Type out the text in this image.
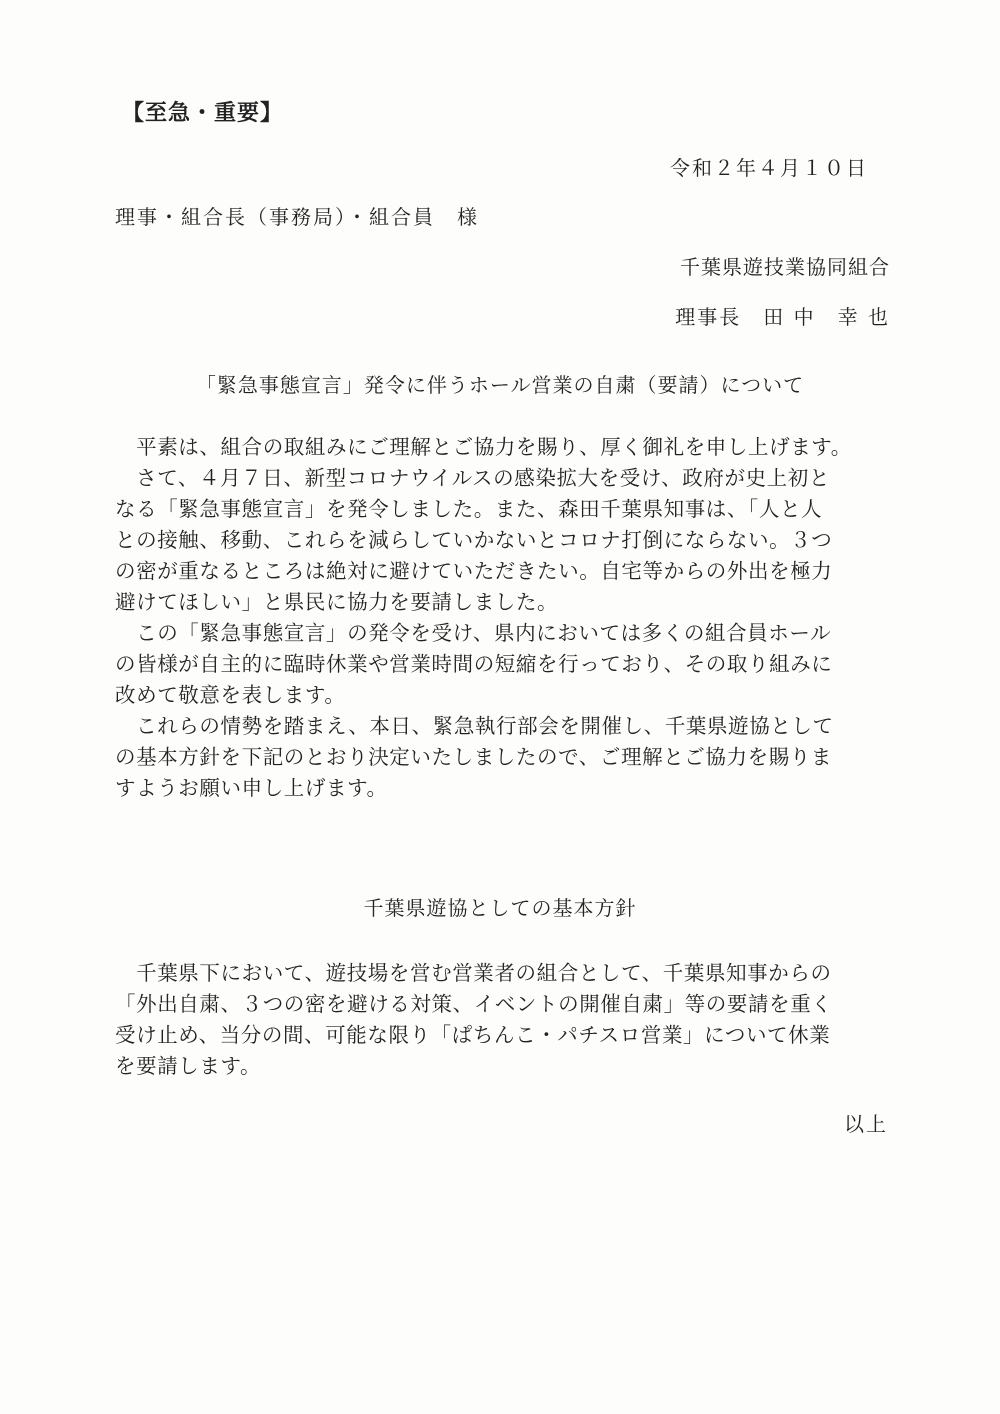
【至急・重要】
令和２年４月１０日
理事・組合長（事務局）・組合員　様
千葉県遊技業協同組合
理事長　田 中　幸 也
「緊急事態宣言」発令に伴うホール営業の自粛（要請）について
　平素は、組合の取組みにご理解とご協力を賜り、厚く御礼を申し上げます。
　さて、４月７日、新型コロナウイルスの感染拡大を受け、政府が史上初と
なる「緊急事態宣言」を発令しました。また、森田千葉県知事は、「人と人
との接触、移動、これらを減らしていかないとコロナ打倒にならない。３つ
の密が重なるところは絶対に避けていただきたい。自宅等からの外出を極力
避けてほしい」と県民に協力を要請しました。
　この「緊急事態宣言」の発令を受け、県内においては多くの組合員ホール
の皆様が自主的に臨時休業や営業時間の短縮を行っており、その取り組みに
改めて敬意を表します。
　これらの情勢を踏まえ、本日、緊急執行部会を開催し、千葉県遊協として
の基本方針を下記のとおり決定いたしましたので、ご理解とご協力を賜りま
すようお願い申し上げます。
千葉県遊協としての基本方針
　千葉県下において、遊技場を営む営業者の組合として、千葉県知事からの
「外出自粛、３つの密を避ける対策、イベントの開催自粛」等の要請を重く
受け止め、当分の間、可能な限り「ぱちんこ・パチスロ営業」について休業
を要請します。
以上
